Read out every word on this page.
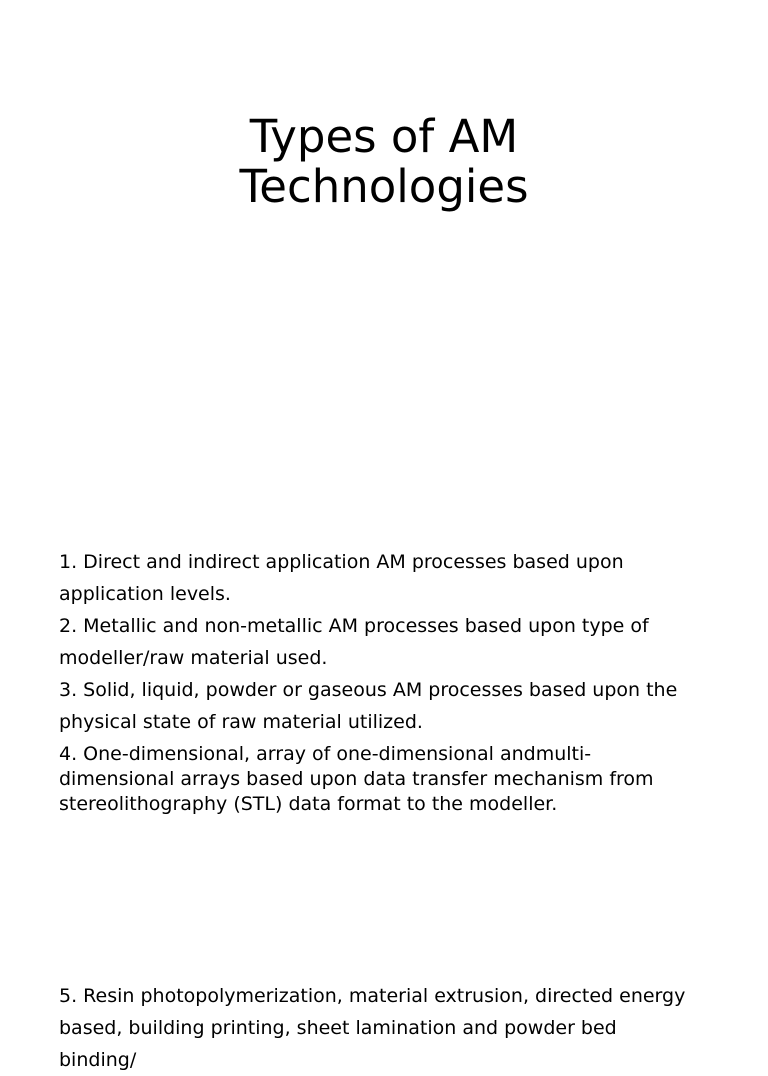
Types of AM
Technologies

1. Direct and indirect application AM processes based upon application levels.

2. Metallic and non-metallic AM processes based upon type of modeller/raw material used.

3. Solid, liquid, powder or gaseous AM processes based upon the physical state of raw material utilized.

4. One-dimensional, array of one-dimensional andmulti-dimensional arrays based upon data transfer mechanism from stereolithography (STL) data format to the modeller.

5. Resin photopolymerization, material extrusion, directed energy based, building printing, sheet lamination and powder bed binding/
